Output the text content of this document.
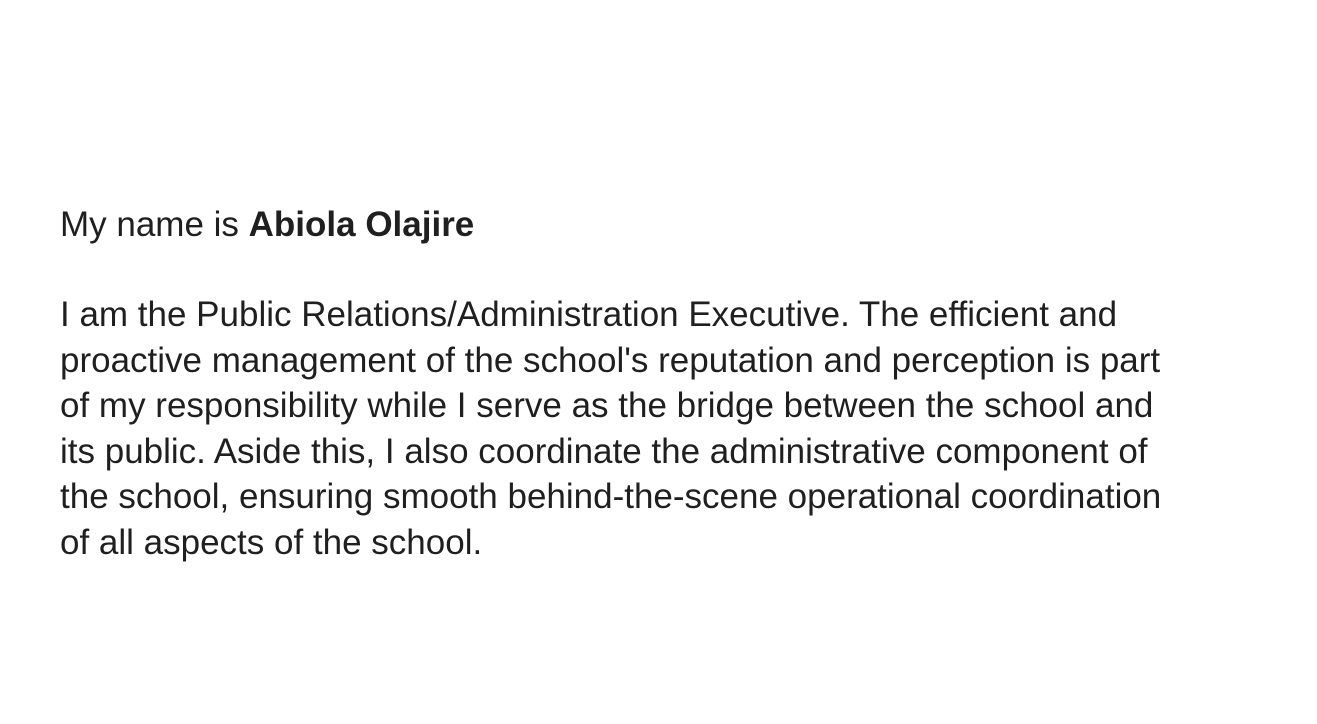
My name is Abiola Olajire

I am the Public Relations/Administration Executive. The efficient and
proactive management of the school's reputation and perception is part
of my responsibility while I serve as the bridge between the school and
its public. Aside this, I also coordinate the administrative component of
the school, ensuring smooth behind-the-scene operational coordination
of all aspects of the school.
